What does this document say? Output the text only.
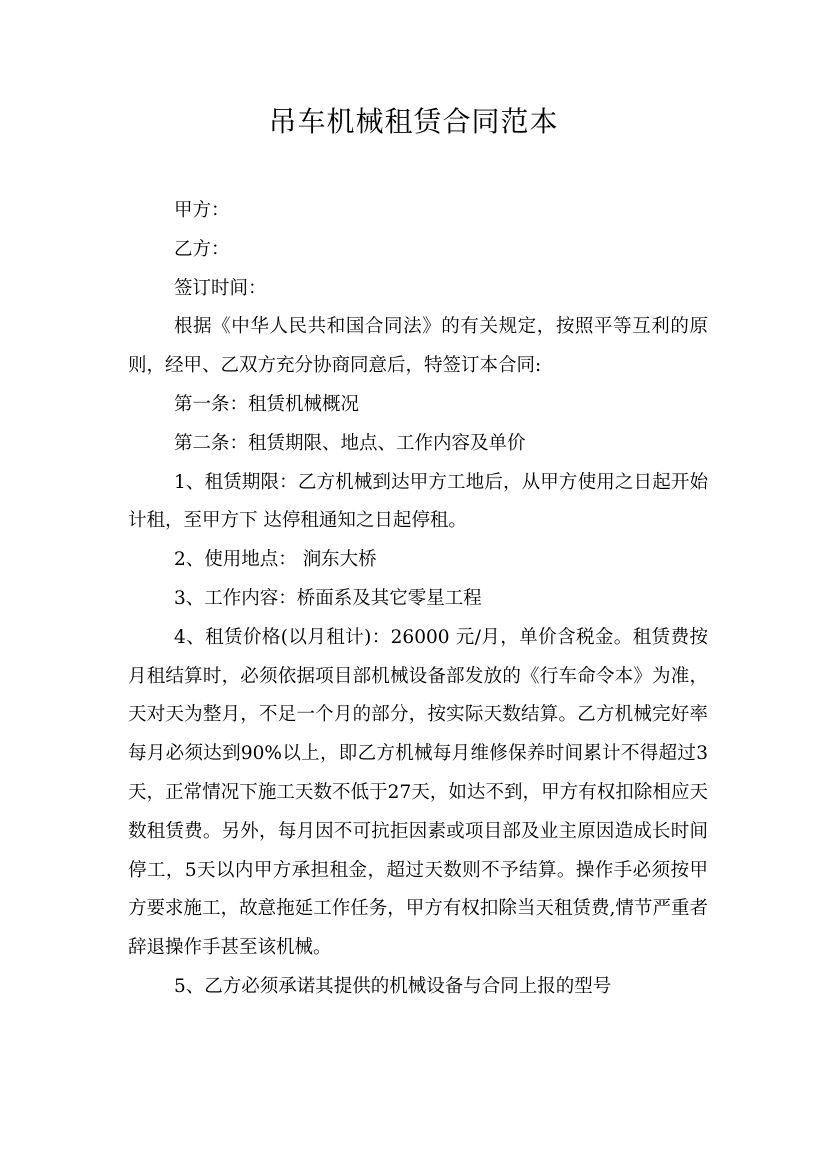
吊车机械租赁合同范本

甲方：

乙方：

签订时间：

根据《中华人民共和国合同法》的有关规定，按照平等互利的原则，经甲、乙双方充分协商同意后，特签订本合同:

第一条：租赁机械概况

第二条：租赁期限、地点、工作内容及单价

1、租赁期限：乙方机械到达甲方工地后，从甲方使用之日起开始计租，至甲方下 达停租通知之日起停租。

2、使用地点： 涧东大桥

3、工作内容：桥面系及其它零星工程

4、租赁价格(以月租计)：26000 元/月，单价含税金。租赁费按月租结算时，必须依据项目部机械设备部发放的《行车命令本》为准，天对天为整月，不足一个月的部分，按实际天数结算。乙方机械完好率每月必须达到90%以上，即乙方机械每月维修保养时间累计不得超过3天，正常情况下施工天数不低于27天，如达不到，甲方有权扣除相应天数租赁费。另外，每月因不可抗拒因素或项目部及业主原因造成长时间停工，5天以内甲方承担租金，超过天数则不予结算。操作手必须按甲方要求施工，故意拖延工作任务，甲方有权扣除当天租赁费,情节严重者辞退操作手甚至该机械。

5、乙方必须承诺其提供的机械设备与合同上报的型号
